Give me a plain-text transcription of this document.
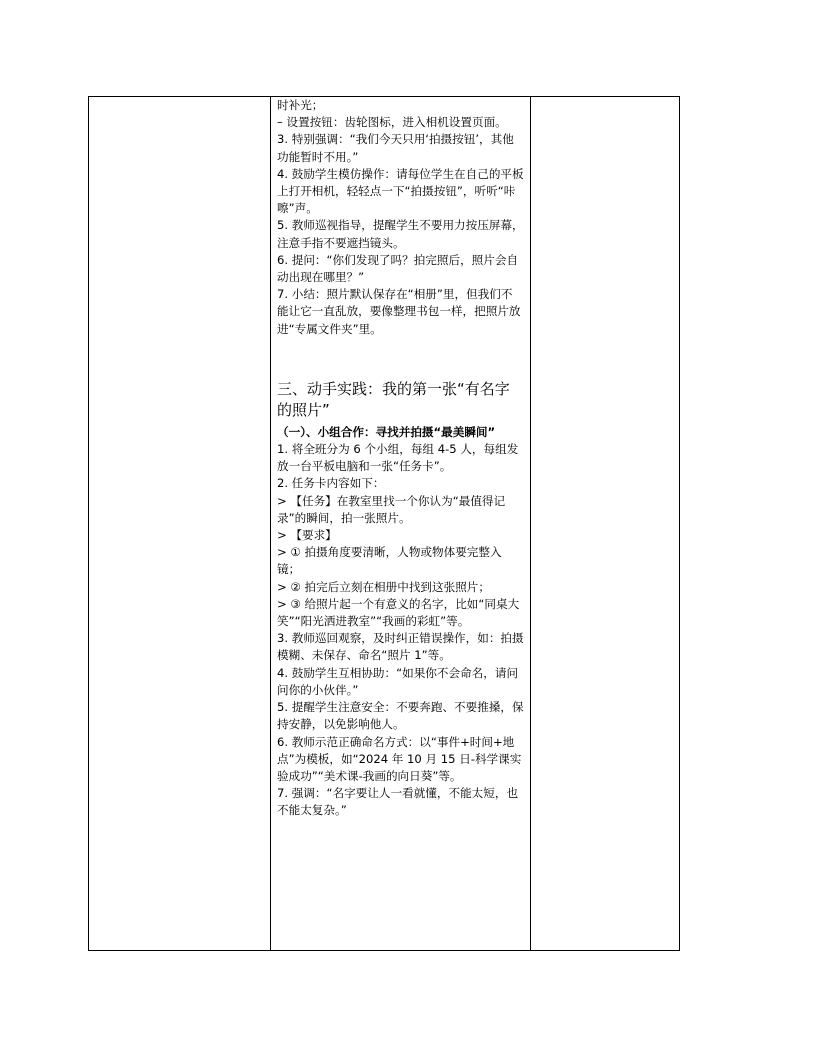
时补光；

– 设置按钮：齿轮图标，进入相机设置页面。

3. 特别强调：“我们今天只用‘拍摄按钮’，其他功能暂时不用。”

4. 鼓励学生模仿操作：请每位学生在自己的平板上打开相机，轻轻点一下“拍摄按钮”，听听“咔嚓”声。

5. 教师巡视指导，提醒学生不要用力按压屏幕，注意手指不要遮挡镜头。

6. 提问：“你们发现了吗？拍完照后，照片会自动出现在哪里？”

7. 小结：照片默认保存在“相册”里，但我们不能让它一直乱放，要像整理书包一样，把照片放进“专属文件夹”里。

三、动手实践：我的第一张“有名字的照片”

（一）、小组合作：寻找并拍摄“最美瞬间”

1. 将全班分为 6 个小组，每组 4-5 人，每组发放一台平板电脑和一张“任务卡”。

2. 任务卡内容如下：

> 【任务】在教室里找一个你认为“最值得记录”的瞬间，拍一张照片。

> 【要求】

> ① 拍摄角度要清晰，人物或物体要完整入镜；

> ② 拍完后立刻在相册中找到这张照片；

> ③ 给照片起一个有意义的名字，比如“同桌大笑”“阳光洒进教室”“我画的彩虹”等。

3. 教师巡回观察，及时纠正错误操作，如：拍摄模糊、未保存、命名“照片 1”等。

4. 鼓励学生互相协助：“如果你不会命名，请问问你的小伙伴。”

5. 提醒学生注意安全：不要奔跑、不要推搡，保持安静，以免影响他人。

6. 教师示范正确命名方式：以“事件+时间+地点”为模板，如“2024 年 10 月 15 日-科学课实验成功”“美术课-我画的向日葵”等。

7. 强调：“名字要让人一看就懂，不能太短，也不能太复杂。”
